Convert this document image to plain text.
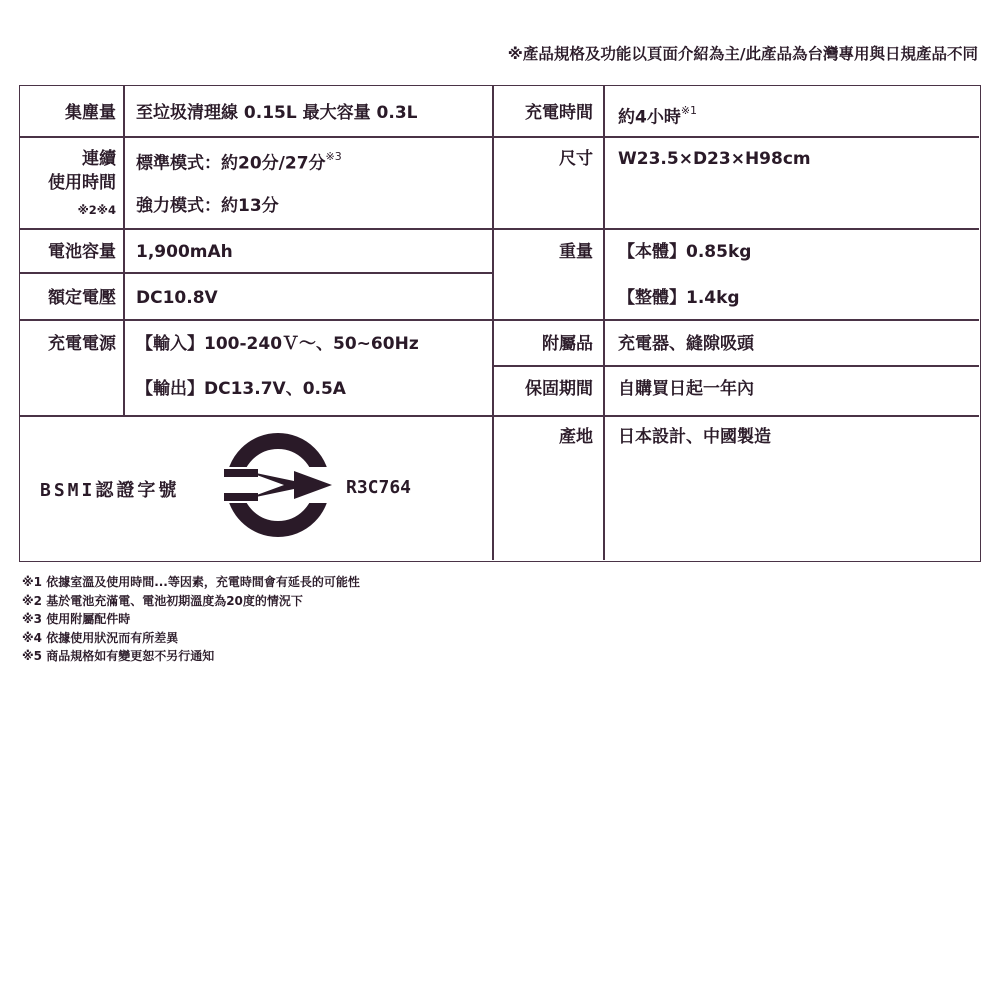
※產品規格及功能以頁面介紹為主/此產品為台灣專用與日規產品不同
集塵量 至垃圾清理線 0.15L 最大容量 0.3L	充電時間 約4小時$^{※1}$
連續
使用時間
※2※4
標準模式：約20分/27分$^{※3}$
強力模式：約13分
尺寸 W23.5×D23×H98cm
電池容量 1,900mAh
額定電壓 DC10.8V
重量 【本體】0.85kg
【整體】1.4kg
充電電源 【輸入】100-240Ｖ～、50~60Hz
【輸出】DC13.7V、0.5A
附屬品 充電器、縫隙吸頭
保固期間 自購買日起一年內
產地 日本設計、中國製造
BSMI認證字號	R3C764
※1 依據室溫及使用時間...等因素，充電時間會有延長的可能性
※2 基於電池充滿電、電池初期溫度為20度的情況下
※3 使用附屬配件時
※4 依據使用狀況而有所差異
※5 商品規格如有變更恕不另行通知
